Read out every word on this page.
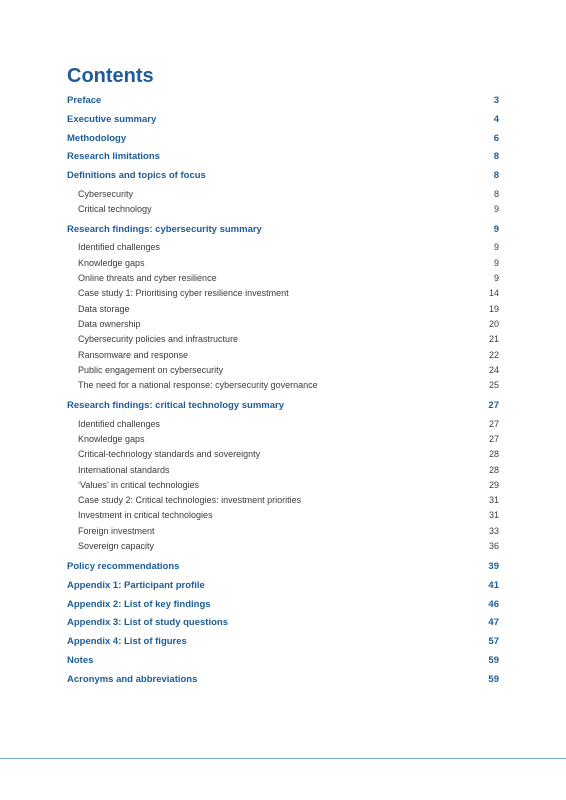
Contents
Preface	3
Executive summary	4
Methodology	6
Research limitations	8
Definitions and topics of focus	8
Cybersecurity	8
Critical technology	9
Research findings: cybersecurity summary	9
Identified challenges	9
Knowledge gaps	9
Online threats and cyber resilience	9
Case study 1: Prioritising cyber resilience investment	14
Data storage	19
Data ownership	20
Cybersecurity policies and infrastructure	21
Ransomware and response	22
Public engagement on cybersecurity	24
The need for a national response: cybersecurity governance	25
Research findings: critical technology summary	27
Identified challenges	27
Knowledge gaps	27
Critical-technology standards and sovereignty	28
International standards	28
‘Values’ in critical technologies	29
Case study 2: Critical technologies: investment priorities	31
Investment in critical technologies	31
Foreign investment	33
Sovereign capacity	36
Policy recommendations	39
Appendix 1: Participant profile	41
Appendix 2: List of key findings	46
Appendix 3: List of study questions	47
Appendix 4: List of figures	57
Notes	59
Acronyms and abbreviations	59
